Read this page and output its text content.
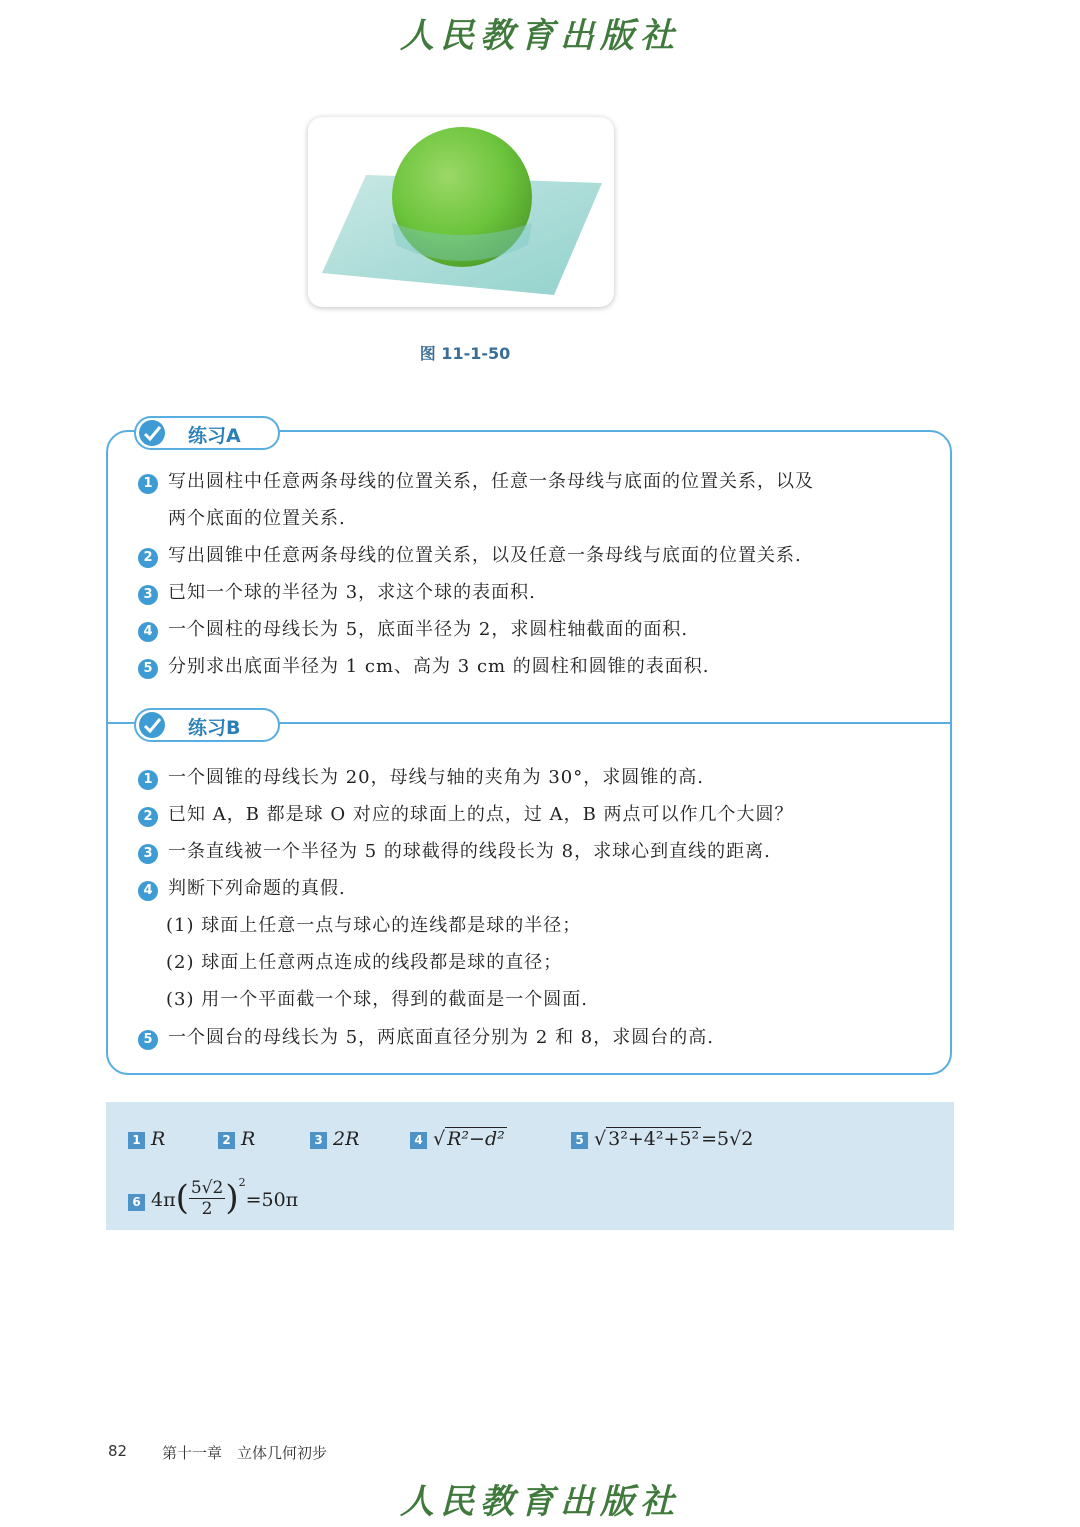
人民教育出版社
图 11-1-50
练习A
1 写出圆柱中任意两条母线的位置关系，任意一条母线与底面的位置关系，以及
两个底面的位置关系.
2 写出圆锥中任意两条母线的位置关系，以及任意一条母线与底面的位置关系.
3 已知一个球的半径为 3，求这个球的表面积.
4 一个圆柱的母线长为 5，底面半径为 2，求圆柱轴截面的面积.
5 分别求出底面半径为 1 cm、高为 3 cm 的圆柱和圆锥的表面积.
练习B
1 一个圆锥的母线长为 20，母线与轴的夹角为 30°，求圆锥的高.
2 已知 A，B 都是球 O 对应的球面上的点，过 A，B 两点可以作几个大圆？
3 一条直线被一个半径为 5 的球截得的线段长为 8，求球心到直线的距离.
4 判断下列命题的真假.
(1) 球面上任意一点与球心的连线都是球的半径；
(2) 球面上任意两点连成的线段都是球的直径；
(3) 用一个平面截一个球，得到的截面是一个圆面.
5 一个圆台的母线长为 5，两底面直径分别为 2 和 8，求圆台的高.
1 R	2 R	3 2R	4 √ R²−d²	5 √ 3²+4²+5² =5√2
6 $4\pi( \frac{5√2}{2} )^2=50\pi$
82 第十一章　立体几何初步
人民教育出版社
